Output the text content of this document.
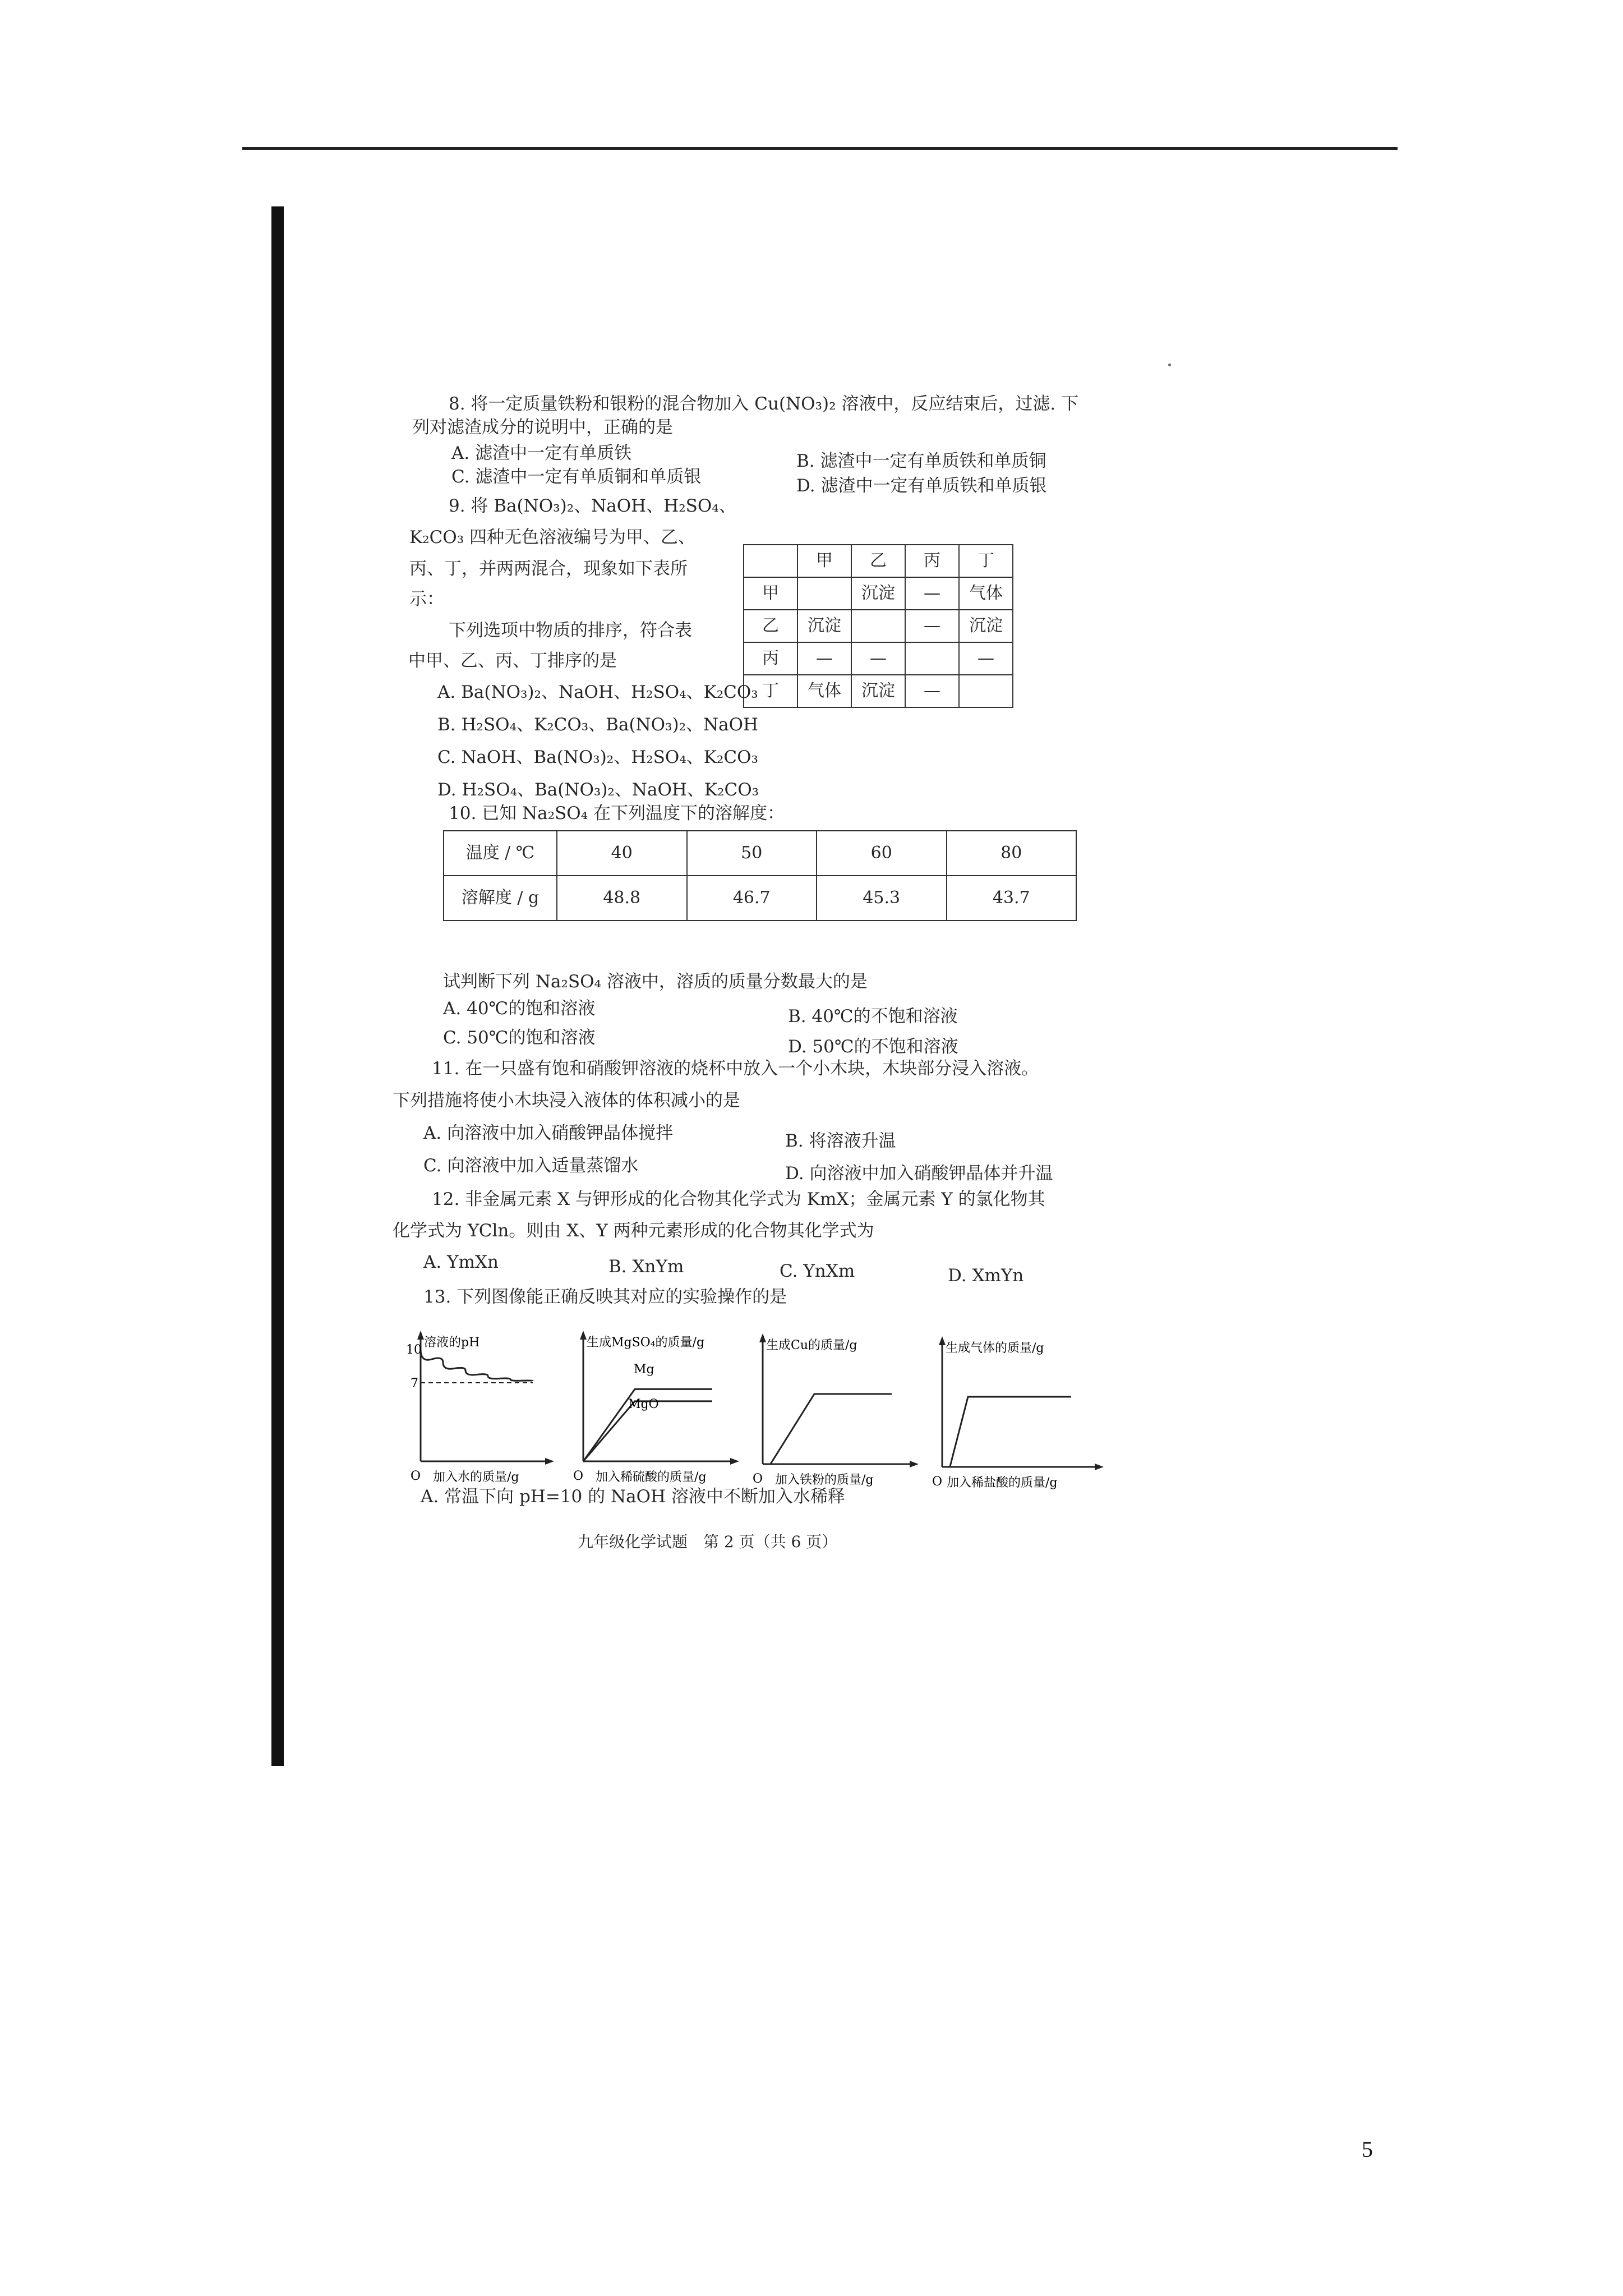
8. 将一定质量铁粉和银粉的混合物加入 Cu(NO₃)₂ 溶液中，反应结束后，过滤. 下
列对滤渣成分的说明中，正确的是
A. 滤渣中一定有单质铁	B. 滤渣中一定有单质铁和单质铜
C. 滤渣中一定有单质铜和单质银	D. 滤渣中一定有单质铁和单质银
9. 将 Ba(NO₃)₂、NaOH、H₂SO₄、
K₂CO₃ 四种无色溶液编号为甲、乙、
丙、丁，并两两混合，现象如下表所
示：
下列选项中物质的排序，符合表
中甲、乙、丙、丁排序的是
	甲	乙	丙	丁
甲		沉淀	—	气体
乙	沉淀		—	沉淀
丙	—	—		—
丁	气体	沉淀	—	
A. Ba(NO₃)₂、NaOH、H₂SO₄、K₂CO₃
B. H₂SO₄、K₂CO₃、Ba(NO₃)₂、NaOH
C. NaOH、Ba(NO₃)₂、H₂SO₄、K₂CO₃
D. H₂SO₄、Ba(NO₃)₂、NaOH、K₂CO₃
10. 已知 Na₂SO₄ 在下列温度下的溶解度：
温度 / ℃	40	50	60	80
溶解度 / g	48.8	46.7	45.3	43.7
试判断下列 Na₂SO₄ 溶液中，溶质的质量分数最大的是
A. 40℃的饱和溶液	B. 40℃的不饱和溶液
C. 50℃的饱和溶液	D. 50℃的不饱和溶液
11. 在一只盛有饱和硝酸钾溶液的烧杯中放入一个小木块，木块部分浸入溶液。
下列措施将使小木块浸入液体的体积减小的是
A. 向溶液中加入硝酸钾晶体搅拌	B. 将溶液升温
C. 向溶液中加入适量蒸馏水	D. 向溶液中加入硝酸钾晶体并升温
12. 非金属元素 X 与钾形成的化合物其化学式为 KmX；金属元素 Y 的氯化物其
化学式为 YCln。则由 X、Y 两种元素形成的化合物其化学式为
A. YmXn	B. XnYm	C. YnXm	D. XmYn
13. 下列图像能正确反映其对应的实验操作的是
溶液的pH
10
7
O 加入水的质量/g
生成MgSO₄的质量/g
Mg
MgO
O 加入稀硫酸的质量/g
生成Cu的质量/g
O 加入铁粉的质量/g
生成气体的质量/g
O 加入稀盐酸的质量/g
A. 常温下向 pH=10 的 NaOH 溶液中不断加入水稀释
九年级化学试题　第 2 页（共 6 页）
5
